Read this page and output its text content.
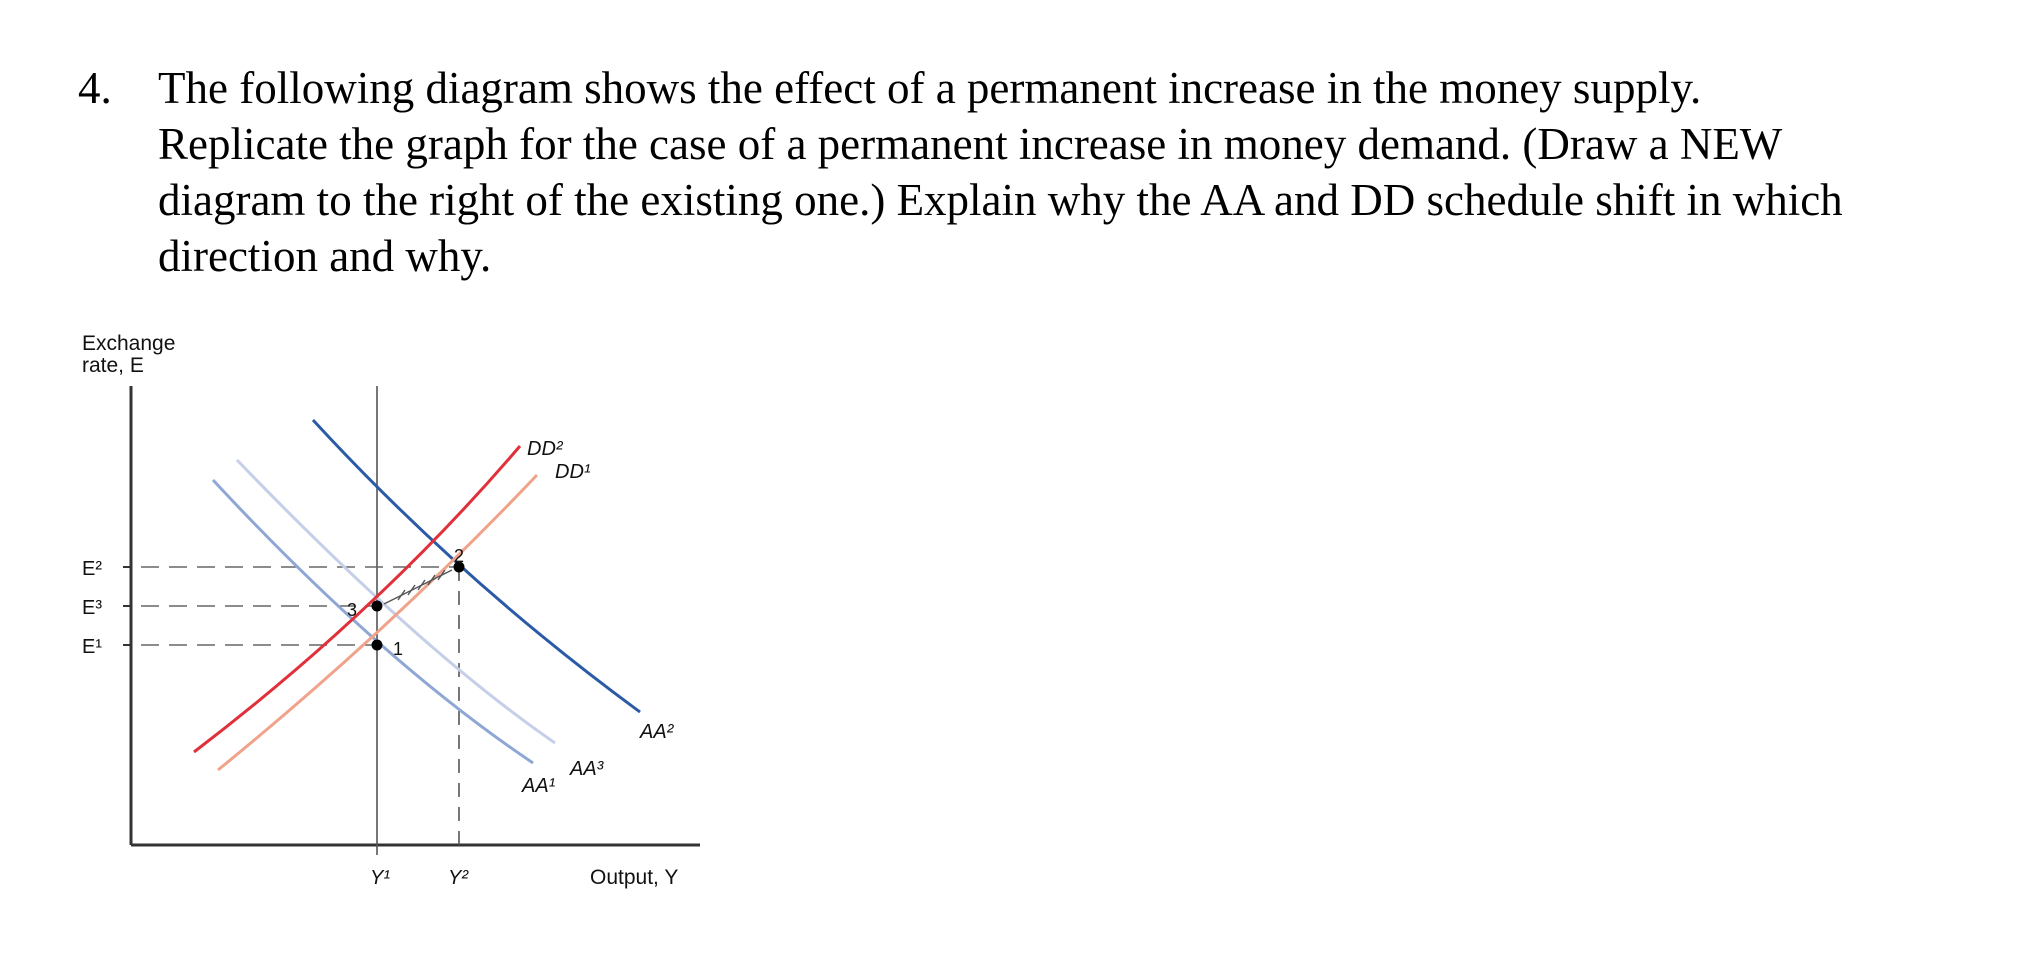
4. The following diagram shows the effect of a permanent increase in the money supply.
Replicate the graph for the case of a permanent increase in money demand. (Draw a NEW
diagram to the right of the existing one.) Explain why the AA and DD schedule shift in which
direction and why.
Exchange
rate, E
Output, Y
E²
E³
E¹
Y¹	Y²
1
2
3
DD²
DD¹
AA²
AA³
AA¹
